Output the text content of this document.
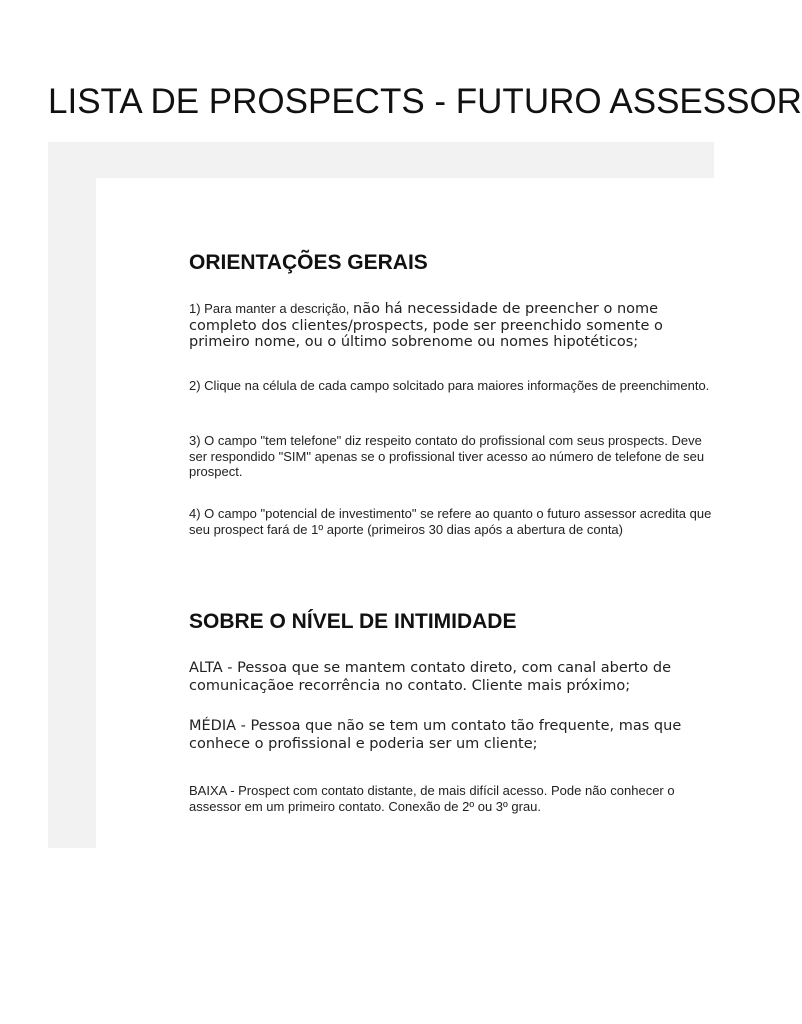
LISTA DE PROSPECTS - FUTURO ASSESSOR
ORIENTAÇÕES GERAIS
1) Para manter a descrição, não há necessidade de preencher o nome completo dos clientes/prospects, pode ser preenchido somente o primeiro nome, ou o último sobrenome ou nomes hipotéticos;
2) Clique na célula de cada campo solcitado para maiores informações de preenchimento.
3) O campo "tem telefone" diz respeito contato do profissional com seus prospects. Deve ser respondido "SIM" apenas se o profissional tiver acesso ao número de telefone de seu prospect.
4) O campo "potencial de investimento" se refere ao quanto o futuro assessor acredita que seu prospect fará de 1º aporte (primeiros 30 dias após a abertura de conta)
SOBRE O NÍVEL DE INTIMIDADE
ALTA - Pessoa que se mantem contato direto, com canal aberto de comunicaçãoe recorrência no contato. Cliente mais próximo;
MÉDIA - Pessoa que não se tem um contato tão frequente, mas que conhece o profissional e poderia ser um cliente;
BAIXA - Prospect com contato distante, de mais difícil acesso. Pode não conhecer o assessor em um primeiro contato. Conexão de 2º ou 3º grau.
